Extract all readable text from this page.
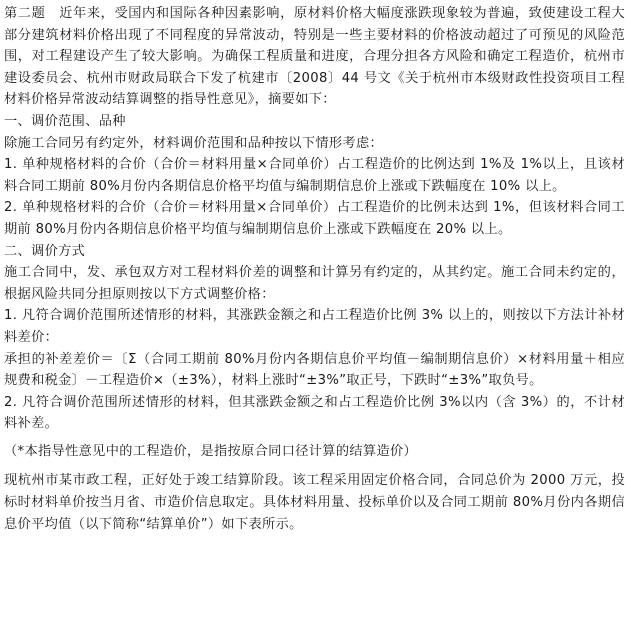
第二题　近年来，受国内和国际各种因素影响，原材料价格大幅度涨跌现象较为普遍，致使建设工程大部分建筑材料价格出现了不同程度的异常波动，特别是一些主要材料的价格波动超过了可预见的风险范围，对工程建设产生了较大影响。为确保工程质量和进度，合理分担各方风险和确定工程造价，杭州市建设委员会、杭州市财政局联合下发了杭建市〔2008〕44 号文《关于杭州市本级财政性投资项目工程材料价格异常波动结算调整的指导性意见》，摘要如下：

一、调价范围、品种

除施工合同另有约定外，材料调价范围和品种按以下情形考虑：

1. 单种规格材料的合价（合价＝材料用量×合同单价）占工程造价的比例达到 1%及 1%以上，且该材料合同工期前 80%月份内各期信息价格平均值与编制期信息价上涨或下跌幅度在 10% 以上。

2. 单种规格材料的合价（合价＝材料用量×合同单价）占工程造价的比例未达到 1%，但该材料合同工期前 80%月份内各期信息价格平均值与编制期信息价上涨或下跌幅度在 20% 以上。

二、调价方式

施工合同中，发、承包双方对工程材料价差的调整和计算另有约定的，从其约定。施工合同未约定的，根据风险共同分担原则按以下方式调整价格：

1. 凡符合调价范围所述情形的材料，其涨跌金额之和占工程造价比例 3% 以上的，则按以下方法计补材料差价：

承担的补差差价＝〔Σ（合同工期前 80%月份内各期信息价平均值－编制期信息价）×材料用量＋相应规费和税金〕－工程造价×（±3%），材料上涨时“±3%”取正号，下跌时“±3%”取负号。

2. 凡符合调价范围所述情形的材料，但其涨跌金额之和占工程造价比例 3%以内（含 3%）的，不计材料补差。

（*本指导性意见中的工程造价，是指按原合同口径计算的结算造价）

现杭州市某市政工程，正好处于竣工结算阶段。该工程采用固定价格合同，合同总价为 2000 万元，投标时材料单价按当月省、市造价信息取定。具体材料用量、投标单价以及合同工期前 80%月份内各期信息价平均值（以下简称“结算单价”）如下表所示。
